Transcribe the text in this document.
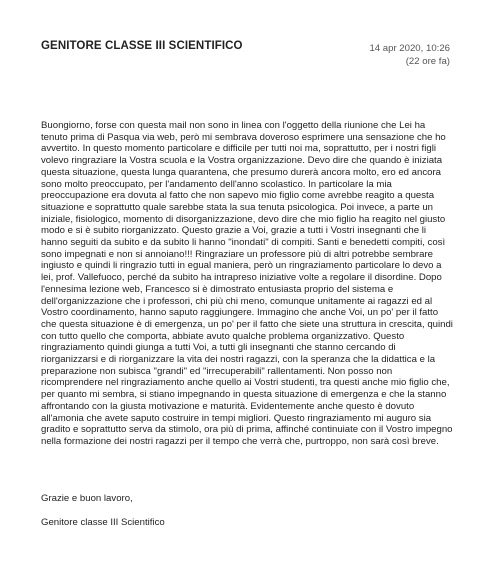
GENITORE CLASSE III SCIENTIFICO	14 apr 2020, 10:26
(22 ore fa)

Buongiorno, forse con questa mail non sono in linea con l'oggetto della riunione che Lei ha tenuto prima di Pasqua via web, però mi sembrava doveroso esprimere una sensazione che ho avvertito. In questo momento particolare e difficile per tutti noi ma, soprattutto, per i nostri figli volevo ringraziare la Vostra scuola e la Vostra organizzazione. Devo dire che quando è iniziata questa situazione, questa lunga quarantena, che presumo durerà ancora molto, ero ed ancora sono molto preoccupato, per l'andamento dell'anno scolastico. In particolare la mia preoccupazione era dovuta al fatto che non sapevo mio figlio come avrebbe reagito a questa situazione e soprattutto quale sarebbe stata la sua tenuta psicologica. Poi invece, a parte un iniziale, fisiologico, momento di disorganizzazione, devo dire che mio figlio ha reagito nel giusto modo e si è subito riorganizzato. Questo grazie a Voi, grazie a tutti i Vostri insegnanti che li hanno seguiti da subito e da subito li hanno "inondati" di compiti. Santi e benedetti compiti, così sono impegnati e non si annoiano!!! Ringraziare un professore più di altri potrebbe sembrare ingiusto e quindi li ringrazio tutti in egual maniera, però un ringraziamento particolare lo devo a lei, prof. Vallefuoco, perché da subito ha intrapreso iniziative volte a regolare il disordine. Dopo l'ennesima lezione web, Francesco si è dimostrato entusiasta proprio del sistema e dell'organizzazione che i professori, chi più chi meno, comunque unitamente ai ragazzi ed al Vostro coordinamento, hanno saputo raggiungere. Immagino che anche Voi, un po' per il fatto che questa situazione è di emergenza, un po' per il fatto che siete una struttura in crescita, quindi con tutto quello che comporta, abbiate avuto qualche problema organizzativo. Questo ringraziamento quindi giunga a tutti Voi, a tutti gli insegnanti che stanno cercando di riorganizzarsi e di riorganizzare la vita dei nostri ragazzi, con la speranza che la didattica e la preparazione non subisca "grandi" ed "irrecuperabili" rallentamenti. Non posso non ricomprendere nel ringraziamento anche quello ai Vostri studenti, tra questi anche mio figlio che, per quanto mi sembra, si stiano impegnando in questa situazione di emergenza e che la stanno affrontando con la giusta motivazione e maturità. Evidentemente anche questo è dovuto all'amonia che avete saputo costruire in tempi migliori. Questo ringraziamento mi auguro sia gradito e soprattutto serva da stimolo, ora più di prima, affinché continuiate con il Vostro impegno nella formazione dei nostri ragazzi per il tempo che verrà che, purtroppo, non sarà così breve.

Grazie e buon lavoro,
Genitore classe III Scientifico
